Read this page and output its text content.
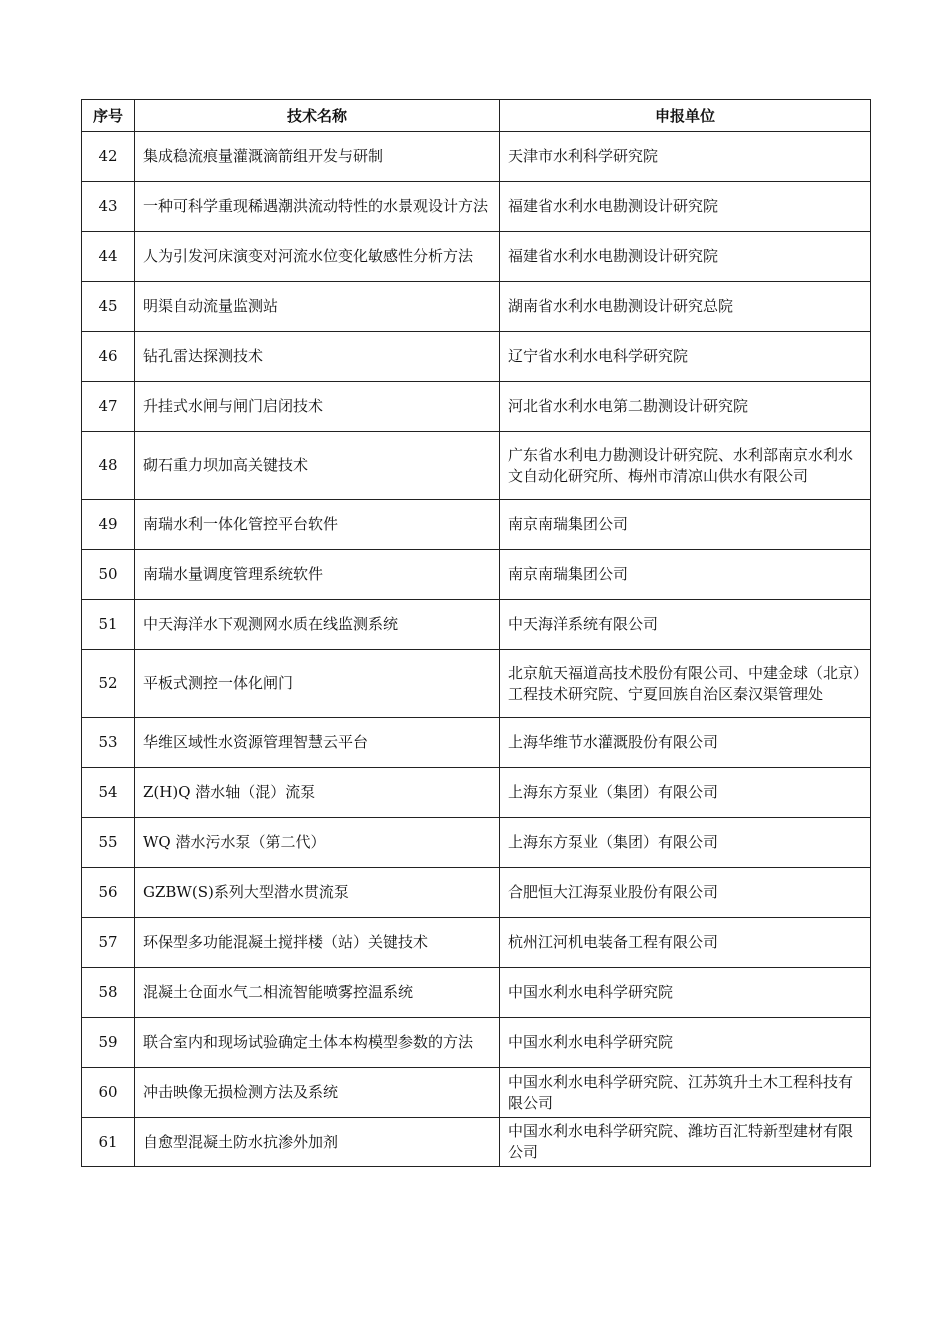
序号	技术名称	申报单位
42	集成稳流痕量灌溉滴箭组开发与研制	天津市水利科学研究院
43	一种可科学重现稀遇潮洪流动特性的水景观设计方法	福建省水利水电勘测设计研究院
44	人为引发河床演变对河流水位变化敏感性分析方法	福建省水利水电勘测设计研究院
45	明渠自动流量监测站	湖南省水利水电勘测设计研究总院
46	钻孔雷达探测技术	辽宁省水利水电科学研究院
47	升挂式水闸与闸门启闭技术	河北省水利水电第二勘测设计研究院
48	砌石重力坝加高关键技术	广东省水利电力勘测设计研究院、水利部南京水利水文自动化研究所、梅州市清凉山供水有限公司
49	南瑞水利一体化管控平台软件	南京南瑞集团公司
50	南瑞水量调度管理系统软件	南京南瑞集团公司
51	中天海洋水下观测网水质在线监测系统	中天海洋系统有限公司
52	平板式测控一体化闸门	北京航天福道高技术股份有限公司、中建金球（北京）工程技术研究院、宁夏回族自治区秦汉渠管理处
53	华维区域性水资源管理智慧云平台	上海华维节水灌溉股份有限公司
54	Z(H)Q 潜水轴（混）流泵	上海东方泵业（集团）有限公司
55	WQ 潜水污水泵（第二代）	上海东方泵业（集团）有限公司
56	GZBW(S)系列大型潜水贯流泵	合肥恒大江海泵业股份有限公司
57	环保型多功能混凝土搅拌楼（站）关键技术	杭州江河机电装备工程有限公司
58	混凝土仓面水气二相流智能喷雾控温系统	中国水利水电科学研究院
59	联合室内和现场试验确定土体本构模型参数的方法	中国水利水电科学研究院
60	冲击映像无损检测方法及系统	中国水利水电科学研究院、江苏筑升土木工程科技有限公司
61	自愈型混凝土防水抗渗外加剂	中国水利水电科学研究院、潍坊百汇特新型建材有限公司
